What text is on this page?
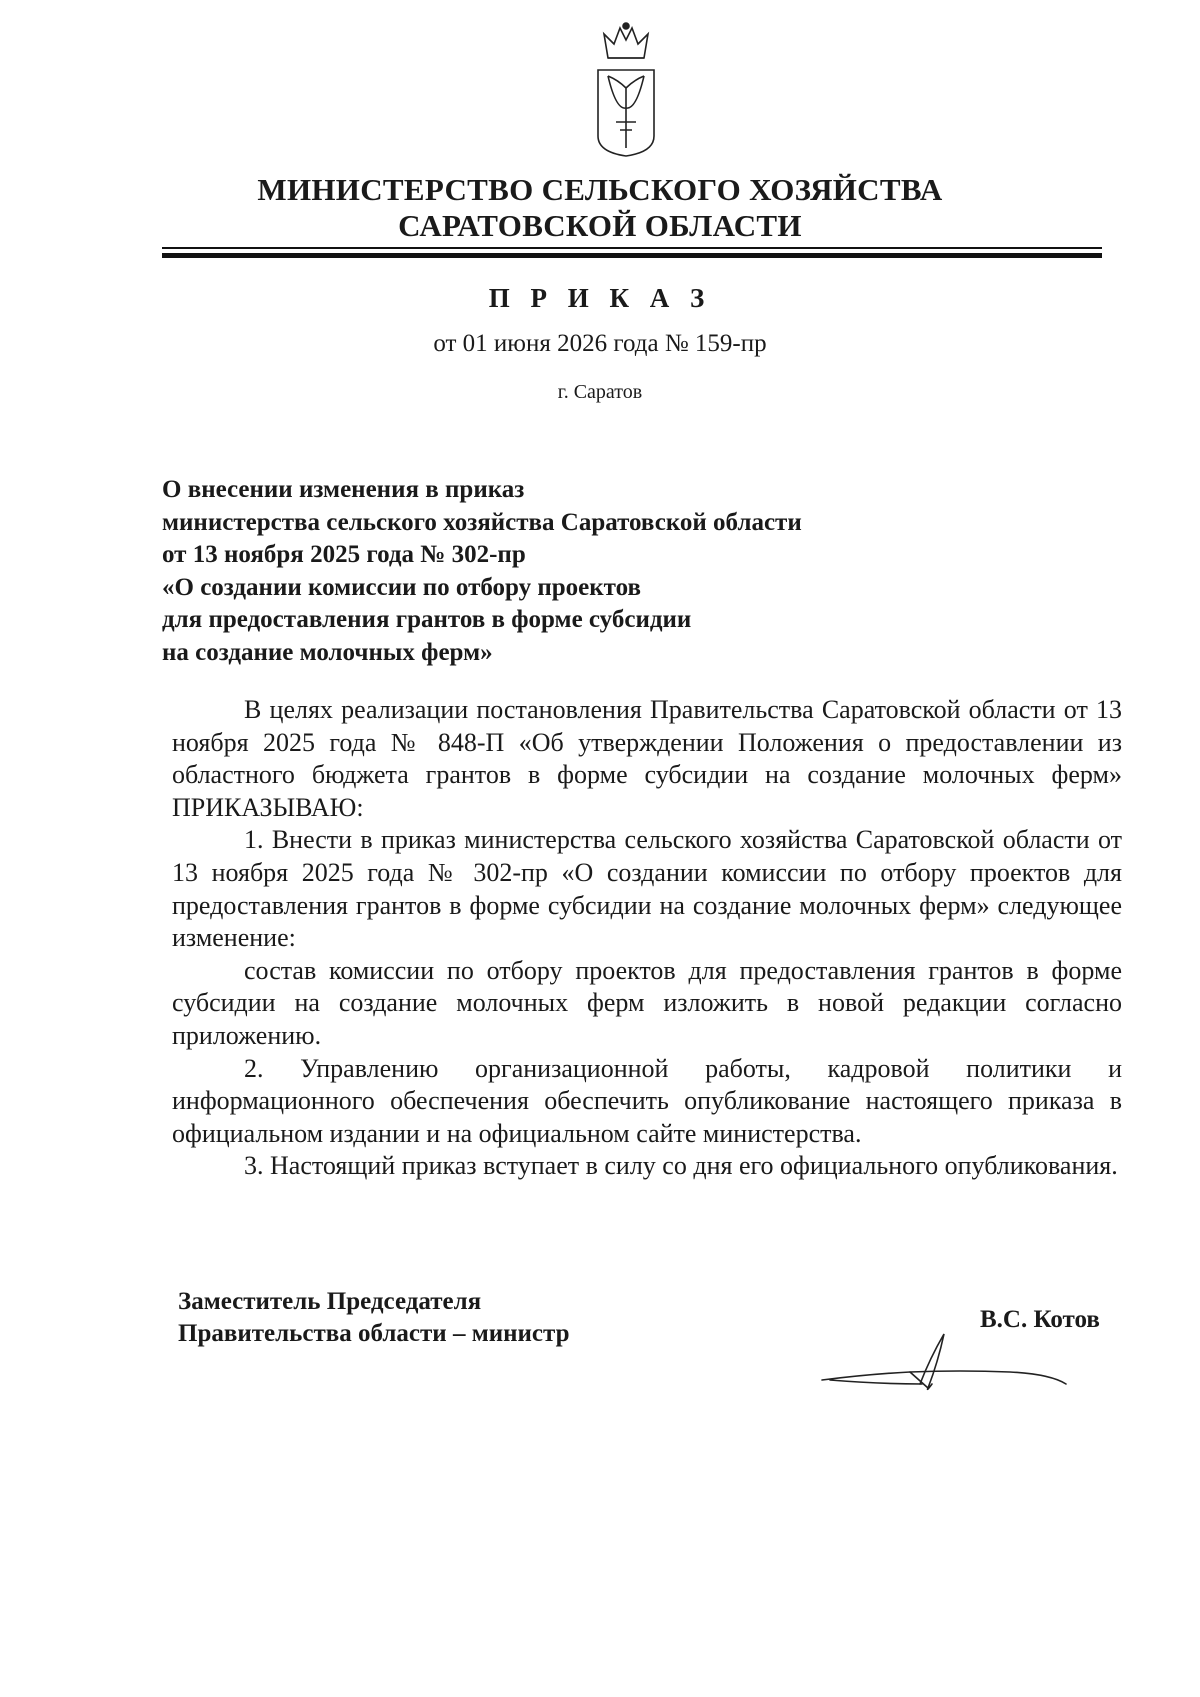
МИНИСТЕРСТВО СЕЛЬСКОГО ХОЗЯЙСТВА
САРАТОВСКОЙ ОБЛАСТИ
П Р И К А З
от 01 июня 2026 года № 159-пр
г. Саратов
О внесении изменения в приказ
министерства сельского хозяйства Саратовской области
от 13 ноября 2025 года № 302-пр
«О создании комиссии по отбору проектов
для предоставления грантов в форме субсидии
на создание молочных ферм»

В целях реализации постановления Правительства Саратовской области от 13 ноября 2025 года № 848-П «Об утверждении Положения о предоставлении из областного бюджета грантов в форме субсидии на создание молочных ферм» ПРИКАЗЫВАЮ:

1. Внести в приказ министерства сельского хозяйства Саратовской области от 13 ноября 2025 года № 302-пр «О создании комиссии по отбору проектов для предоставления грантов в форме субсидии на создание молочных ферм» следующее изменение:

состав комиссии по отбору проектов для предоставления грантов в форме субсидии на создание молочных ферм изложить в новой редакции согласно приложению.

2. Управлению организационной работы, кадровой политики и информационного обеспечения обеспечить опубликование настоящего приказа в официальном издании и на официальном сайте министерства.

3. Настоящий приказ вступает в силу со дня его официального опубликования.

Заместитель Председателя
Правительства области – министр
В.С. Котов
